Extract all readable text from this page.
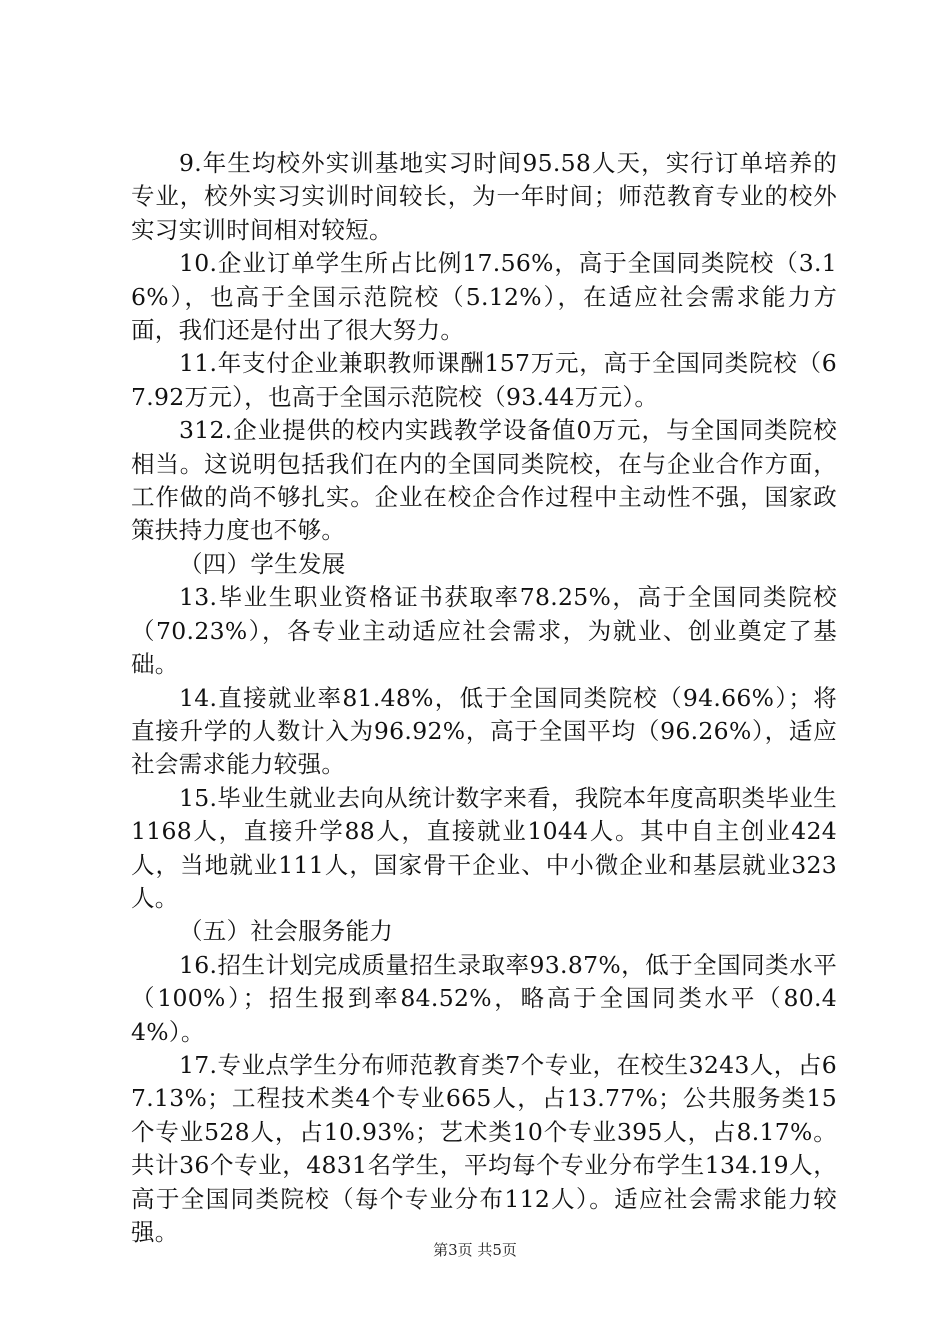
9.年生均校外实训基地实习时间95.58人天，实行订单培养的专业，校外实习实训时间较长，为一年时间；师范教育专业的校外实习实训时间相对较短。

10.企业订单学生所占比例17.56%，高于全国同类院校（3.16%），也高于全国示范院校（5.12%），在适应社会需求能力方面，我们还是付出了很大努力。

11.年支付企业兼职教师课酬157万元，高于全国同类院校（67.92万元），也高于全国示范院校（93.44万元）。

312.企业提供的校内实践教学设备值0万元，与全国同类院校相当。这说明包括我们在内的全国同类院校，在与企业合作方面，工作做的尚不够扎实。企业在校企合作过程中主动性不强，国家政策扶持力度也不够。

（四）学生发展

13.毕业生职业资格证书获取率78.25%，高于全国同类院校（70.23%），各专业主动适应社会需求，为就业、创业奠定了基础。

14.直接就业率81.48%，低于全国同类院校（94.66%）；将直接升学的人数计入为96.92%，高于全国平均（96.26%），适应社会需求能力较强。

15.毕业生就业去向从统计数字来看，我院本年度高职类毕业生1168人，直接升学88人，直接就业1044人。其中自主创业424人，当地就业111人，国家骨干企业、中小微企业和基层就业323人。

（五）社会服务能力

16.招生计划完成质量招生录取率93.87%，低于全国同类水平（100%）；招生报到率84.52%，略高于全国同类水平（80.44%）。

17.专业点学生分布师范教育类7个专业，在校生3243人，占67.13%；工程技术类4个专业665人，占13.77%；公共服务类15个专业528人，占10.93%；艺术类10个专业395人，占8.17%。共计36个专业，4831名学生，平均每个专业分布学生134.19人，高于全国同类院校（每个专业分布112人）。适应社会需求能力较强。

第3页 共5页
